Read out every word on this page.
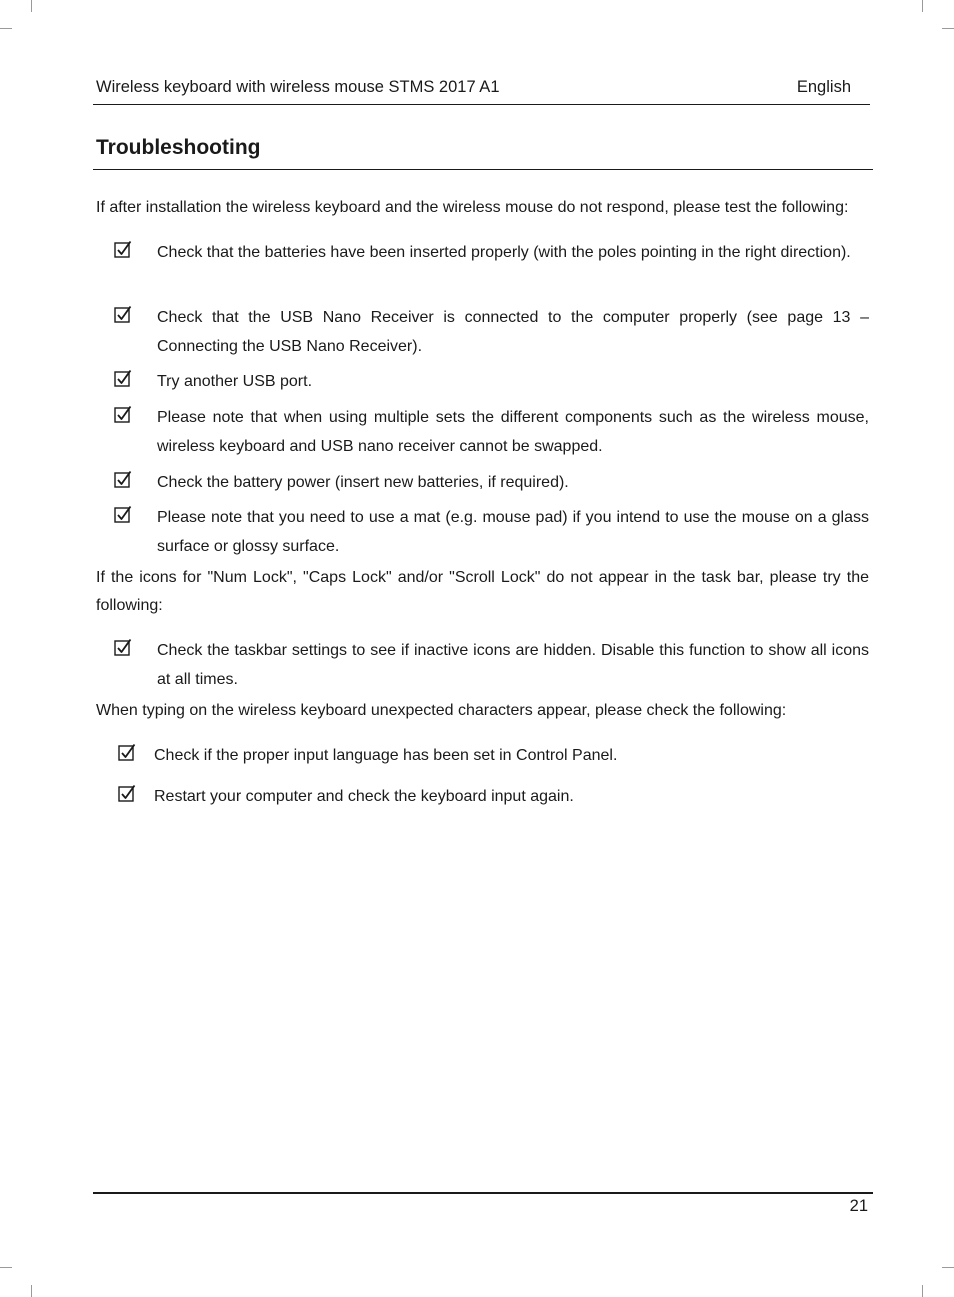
Wireless keyboard with wireless mouse STMS 2017 A1	English
Troubleshooting
If after installation the wireless keyboard and the wireless mouse do not respond, please test the following:
Check that the batteries have been inserted properly (with the poles pointing in the right direction).
Check that the USB Nano Receiver is connected to the computer properly (see page 13 – Connecting the USB Nano Receiver).
Try another USB port.
Please note that when using multiple sets the different components such as the wireless mouse, wireless keyboard and USB nano receiver cannot be swapped.
Check the battery power (insert new batteries, if required).
Please note that you need to use a mat (e.g. mouse pad) if you intend to use the mouse on a glass surface or glossy surface.
If the icons for "Num Lock", "Caps Lock" and/or "Scroll Lock" do not appear in the task bar, please try the following:
Check the taskbar settings to see if inactive icons are hidden. Disable this function to show all icons at all times.
When typing on the wireless keyboard unexpected characters appear, please check the following:
Check if the proper input language has been set in Control Panel.
Restart your computer and check the keyboard input again.
21
